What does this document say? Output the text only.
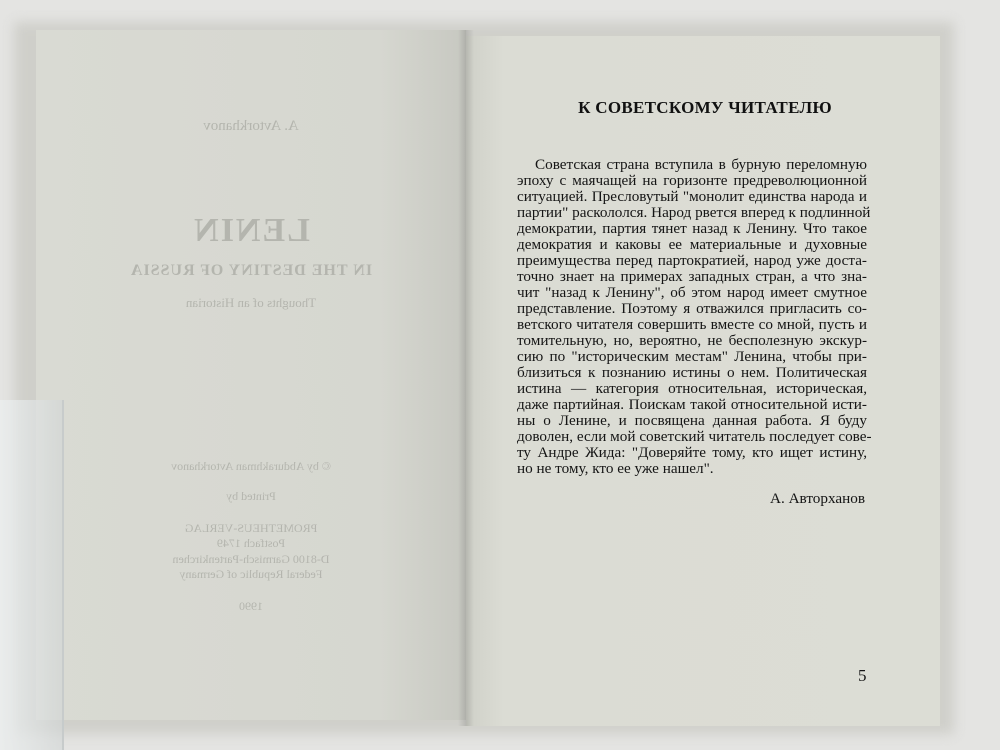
A. Avtorkhanov
LENIN
IN THE DESTINY OF RUSSIA
Thoughts of an Historian
© by Abdurakhman Avtorkhanov
Printed by
PROMETHEUS-VERLAG
Postfach 1749
D-8100 Garmisch-Partenkirchen
Federal Republic of Germany
1990
К СОВЕТСКОМУ ЧИТАТЕЛЮ
Советская страна вступила в бурную переломную
эпоху с маячащей на горизонте предреволюционной
ситуацией. Пресловутый "монолит единства народа и
партии" раскололся. Народ рвется вперед к подлинной
демократии, партия тянет назад к Ленину. Что такое
демократия и каковы ее материальные и духовные
преимущества перед партократией, народ уже доста-
точно знает на примерах западных стран, а что зна-
чит "назад к Ленину", об этом народ имеет смутное
представление. Поэтому я отважился пригласить со-
ветского читателя совершить вместе со мной, пусть и
томительную, но, вероятно, не бесполезную экскур-
сию по "историческим местам" Ленина, чтобы при-
близиться к познанию истины о нем. Политическая
истина — категория относительная, историческая,
даже партийная. Поискам такой относительной исти-
ны о Ленине, и посвящена данная работа. Я буду
доволен, если мой советский читатель последует сове-
ту Андре Жида: "Доверяйте тому, кто ищет истину,
но не тому, кто ее уже нашел".
А. Авторханов
5
